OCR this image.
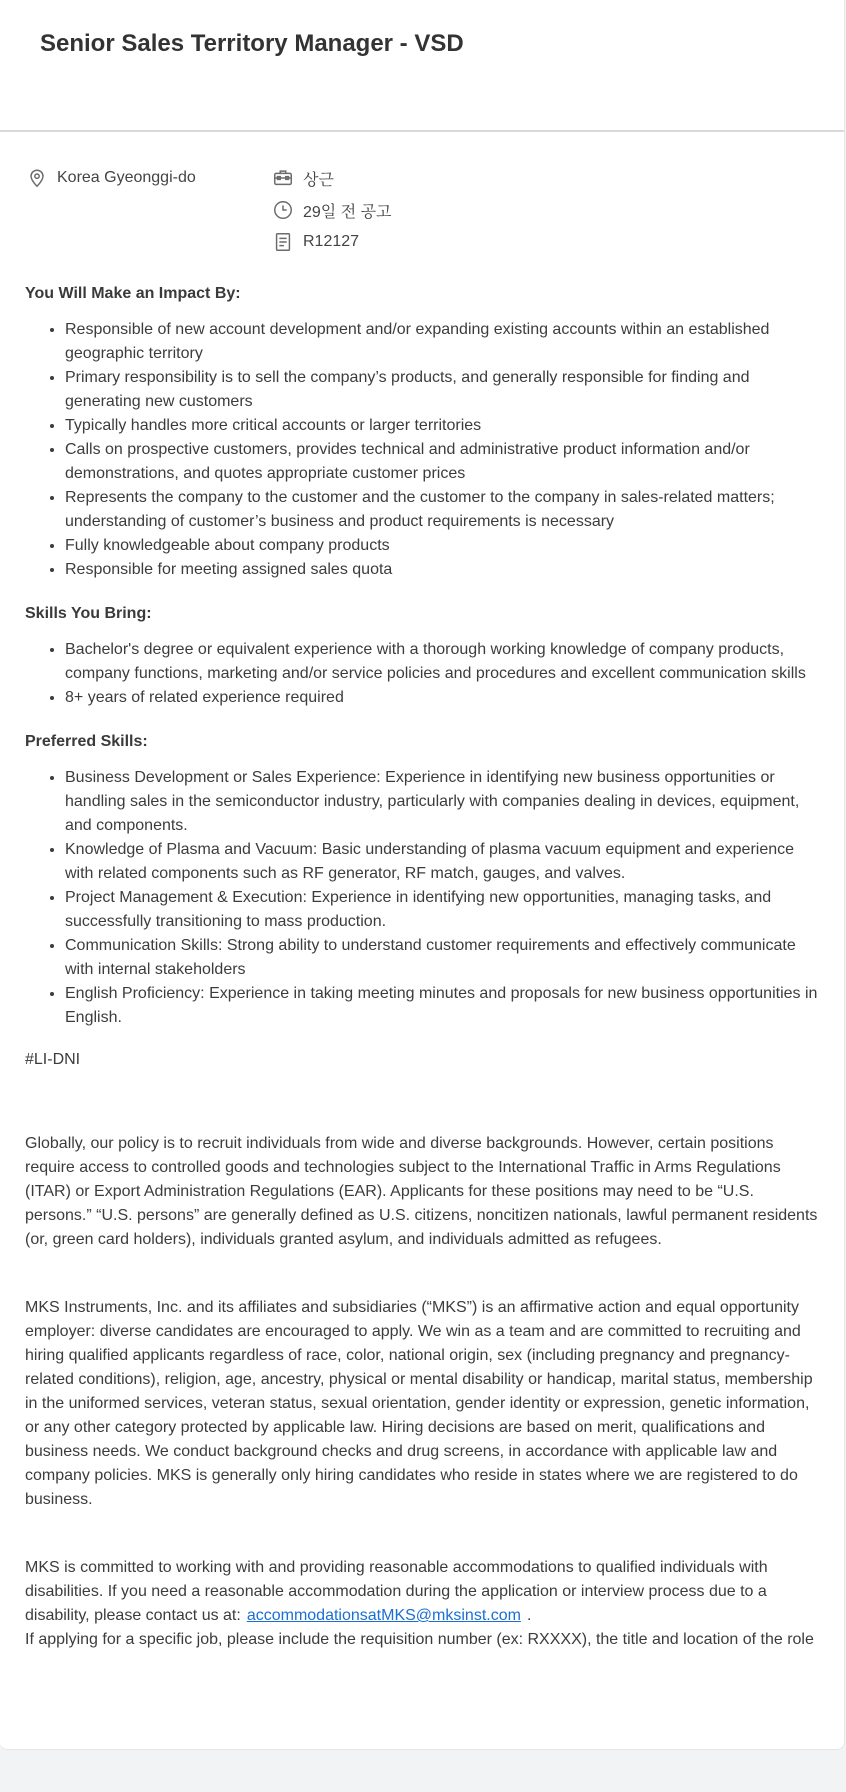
Senior Sales Territory Manager - VSD
Korea Gyeonggi-do	상근
29일 전 공고
R12127

You Will Make an Impact By:

• Responsible of new account development and/or expanding existing accounts within an established geographic territory
• Primary responsibility is to sell the company’s products, and generally responsible for finding and generating new customers
• Typically handles more critical accounts or larger territories
• Calls on prospective customers, provides technical and administrative product information and/or demonstrations, and quotes appropriate customer prices
• Represents the company to the customer and the customer to the company in sales-related matters; understanding of customer’s business and product requirements is necessary
• Fully knowledgeable about company products
• Responsible for meeting assigned sales quota

Skills You Bring:

• Bachelor's degree or equivalent experience with a thorough working knowledge of company products, company functions, marketing and/or service policies and procedures and excellent communication skills
• 8+ years of related experience required

Preferred Skills:

• Business Development or Sales Experience: Experience in identifying new business opportunities or handling sales in the semiconductor industry, particularly with companies dealing in devices, equipment, and components.
• Knowledge of Plasma and Vacuum: Basic understanding of plasma vacuum equipment and experience with related components such as RF generator, RF match, gauges, and valves.
• Project Management & Execution: Experience in identifying new opportunities, managing tasks, and successfully transitioning to mass production.
• Communication Skills: Strong ability to understand customer requirements and effectively communicate with internal stakeholders
• English Proficiency: Experience in taking meeting minutes and proposals for new business opportunities in English.

#LI-DNI

Globally, our policy is to recruit individuals from wide and diverse backgrounds. However, certain positions require access to controlled goods and technologies subject to the International Traffic in Arms Regulations (ITAR) or Export Administration Regulations (EAR). Applicants for these positions may need to be “U.S. persons.” “U.S. persons” are generally defined as U.S. citizens, noncitizen nationals, lawful permanent residents (or, green card holders), individuals granted asylum, and individuals admitted as refugees.

MKS Instruments, Inc. and its affiliates and subsidiaries (“MKS”) is an affirmative action and equal opportunity employer: diverse candidates are encouraged to apply. We win as a team and are committed to recruiting and hiring qualified applicants regardless of race, color, national origin, sex (including pregnancy and pregnancy-related conditions), religion, age, ancestry, physical or mental disability or handicap, marital status, membership in the uniformed services, veteran status, sexual orientation, gender identity or expression, genetic information, or any other category protected by applicable law. Hiring decisions are based on merit, qualifications and business needs. We conduct background checks and drug screens, in accordance with applicable law and company policies. MKS is generally only hiring candidates who reside in states where we are registered to do business.

MKS is committed to working with and providing reasonable accommodations to qualified individuals with disabilities. If you need a reasonable accommodation during the application or interview process due to a disability, please contact us at: accommodationsatMKS@mksinst.com .

If applying for a specific job, please include the requisition number (ex: RXXXX), the title and location of the role
